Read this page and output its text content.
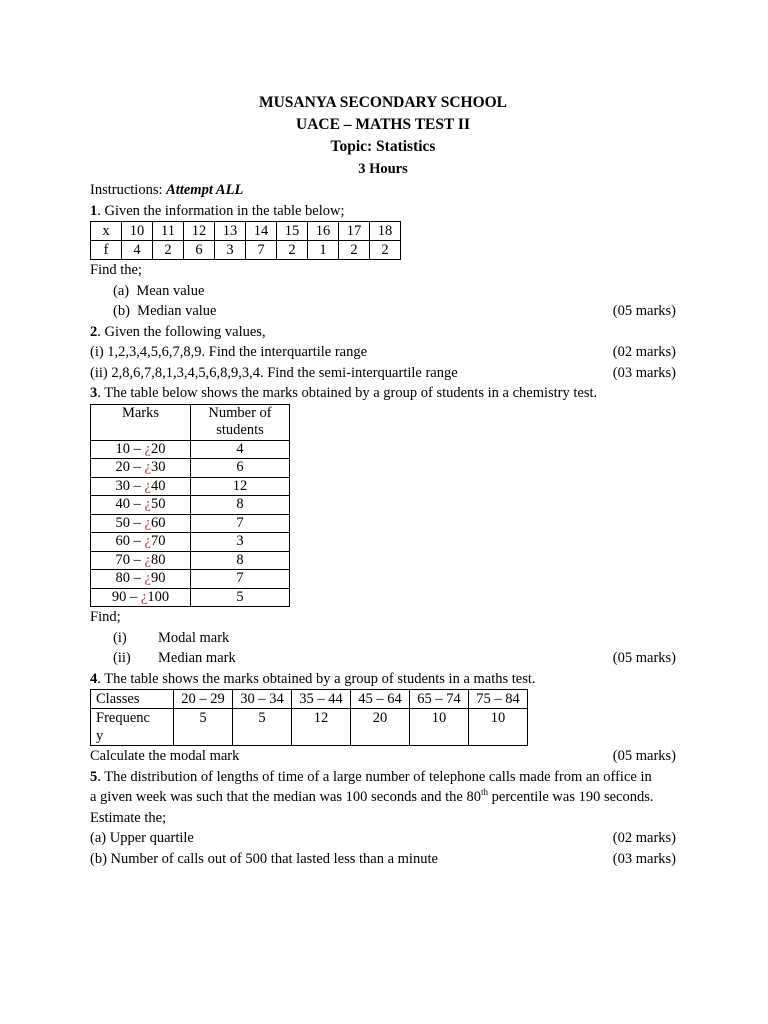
MUSANYA SECONDARY SCHOOL
UACE – MATHS TEST II
Topic: Statistics
3 Hours
Instructions: Attempt ALL
1. Given the information in the table below;
x	10	11	12	13	14	15	16	17	18
f	4	2	6	3	7	2	1	2	2
Find the;
(a) Mean value
(b) Median value	(05 marks)
2. Given the following values,
(i) 1,2,3,4,5,6,7,8,9. Find the interquartile range	(02 marks)
(ii) 2,8,6,7,8,1,3,4,5,6,8,9,3,4. Find the semi-interquartile range	(03 marks)
3. The table below shows the marks obtained by a group of students in a chemistry test.
Marks	Number of
students
10 – ¿20	4
20 – ¿30	6
30 – ¿40	12
40 – ¿50	8
50 – ¿60	7
60 – ¿70	3
70 – ¿80	8
80 – ¿90	7
90 – ¿100	5
Find;
(i) Modal mark
(ii) Median mark	(05 marks)
4. The table shows the marks obtained by a group of students in a maths test.
Classes	20 – 29	30 – 34	35 – 44	45 – 64	65 – 74	75 – 84
Frequenc
y	5	5	12	20	10	10
Calculate the modal mark	(05 marks)
5. The distribution of lengths of time of a large number of telephone calls made from an office in
a given week was such that the median was 100 seconds and the 80th percentile was 190 seconds.
Estimate the;
(a) Upper quartile	(02 marks)
(b) Number of calls out of 500 that lasted less than a minute	(03 marks)
